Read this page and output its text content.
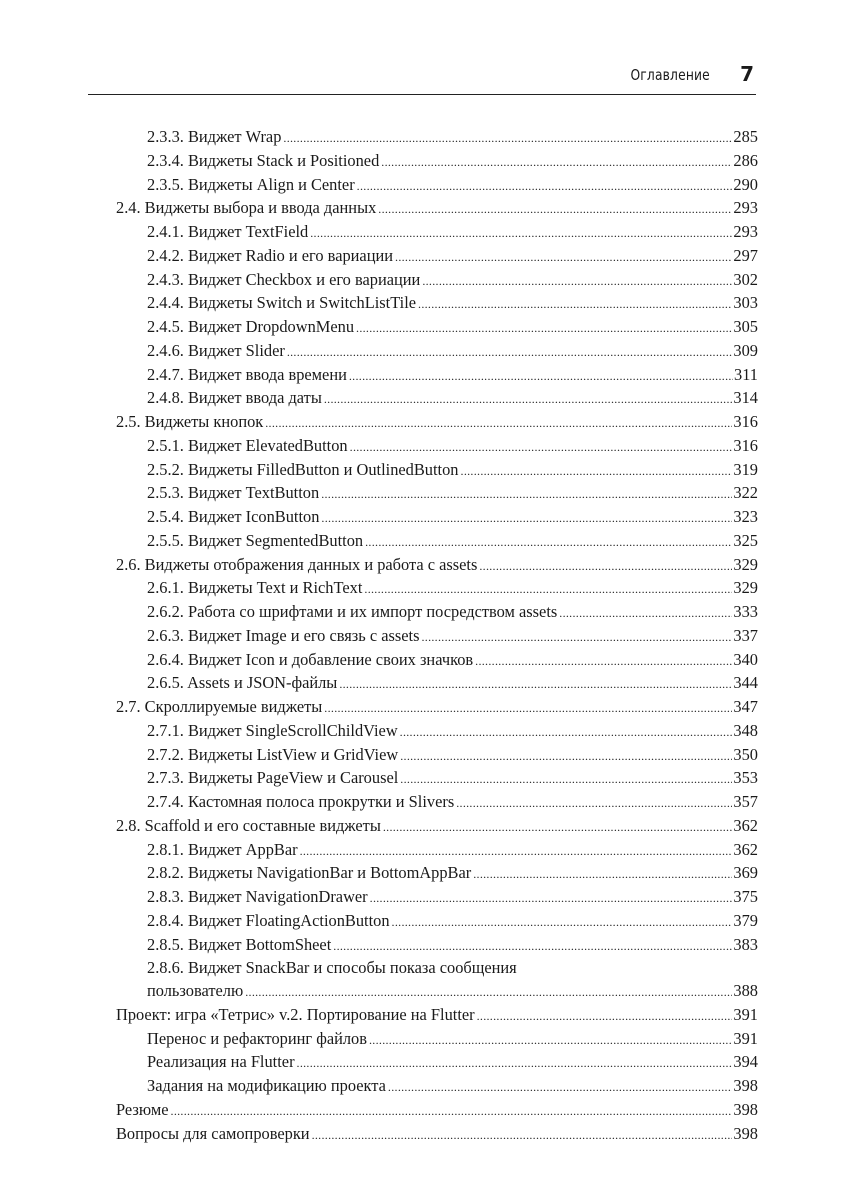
Оглавление 7
2.3.3. Виджет Wrap .....	285
2.3.4. Виджеты Stack и Positioned .....	286
2.3.5. Виджеты Align и Center .....	290
2.4. Виджеты выбора и ввода данных .....	293
2.4.1. Виджет TextField .....	293
2.4.2. Виджет Radio и его вариации .....	297
2.4.3. Виджет Checkbox и его вариации .....	302
2.4.4. Виджеты Switch и SwitchListTile .....	303
2.4.5. Виджет DropdownMenu .....	305
2.4.6. Виджет Slider .....	309
2.4.7. Виджет ввода времени .....	311
2.4.8. Виджет ввода даты .....	314
2.5. Виджеты кнопок .....	316
2.5.1. Виджет ElevatedButton .....	316
2.5.2. Виджеты FilledButton и OutlinedButton .....	319
2.5.3. Виджет TextButton .....	322
2.5.4. Виджет IconButton .....	323
2.5.5. Виджет SegmentedButton .....	325
2.6. Виджеты отображения данных и работа с assets .....	329
2.6.1. Виджеты Text и RichText .....	329
2.6.2. Работа со шрифтами и их импорт посредством assets .....	333
2.6.3. Виджет Image и его связь с assets .....	337
2.6.4. Виджет Icon и добавление своих значков .....	340
2.6.5. Assets и JSON-файлы .....	344
2.7. Скроллируемые виджеты .....	347
2.7.1. Виджет SingleScrollChildView .....	348
2.7.2. Виджеты ListView и GridView .....	350
2.7.3. Виджеты PageView и Carousel .....	353
2.7.4. Кастомная полоса прокрутки и Slivers .....	357
2.8. Scaffold и его составные виджеты .....	362
2.8.1. Виджет AppBar .....	362
2.8.2. Виджеты NavigationBar и BottomAppBar .....	369
2.8.3. Виджет NavigationDrawer .....	375
2.8.4. Виджет FloatingActionButton .....	379
2.8.5. Виджет BottomSheet .....	383
2.8.6. Виджет SnackBar и способы показа сообщения
пользователю .....	388
Проект: игра «Тетрис» v.2. Портирование на Flutter .....	391
Перенос и рефакторинг файлов .....	391
Реализация на Flutter .....	394
Задания на модификацию проекта .....	398
Резюме .....	398
Вопросы для самопроверки .....	398
